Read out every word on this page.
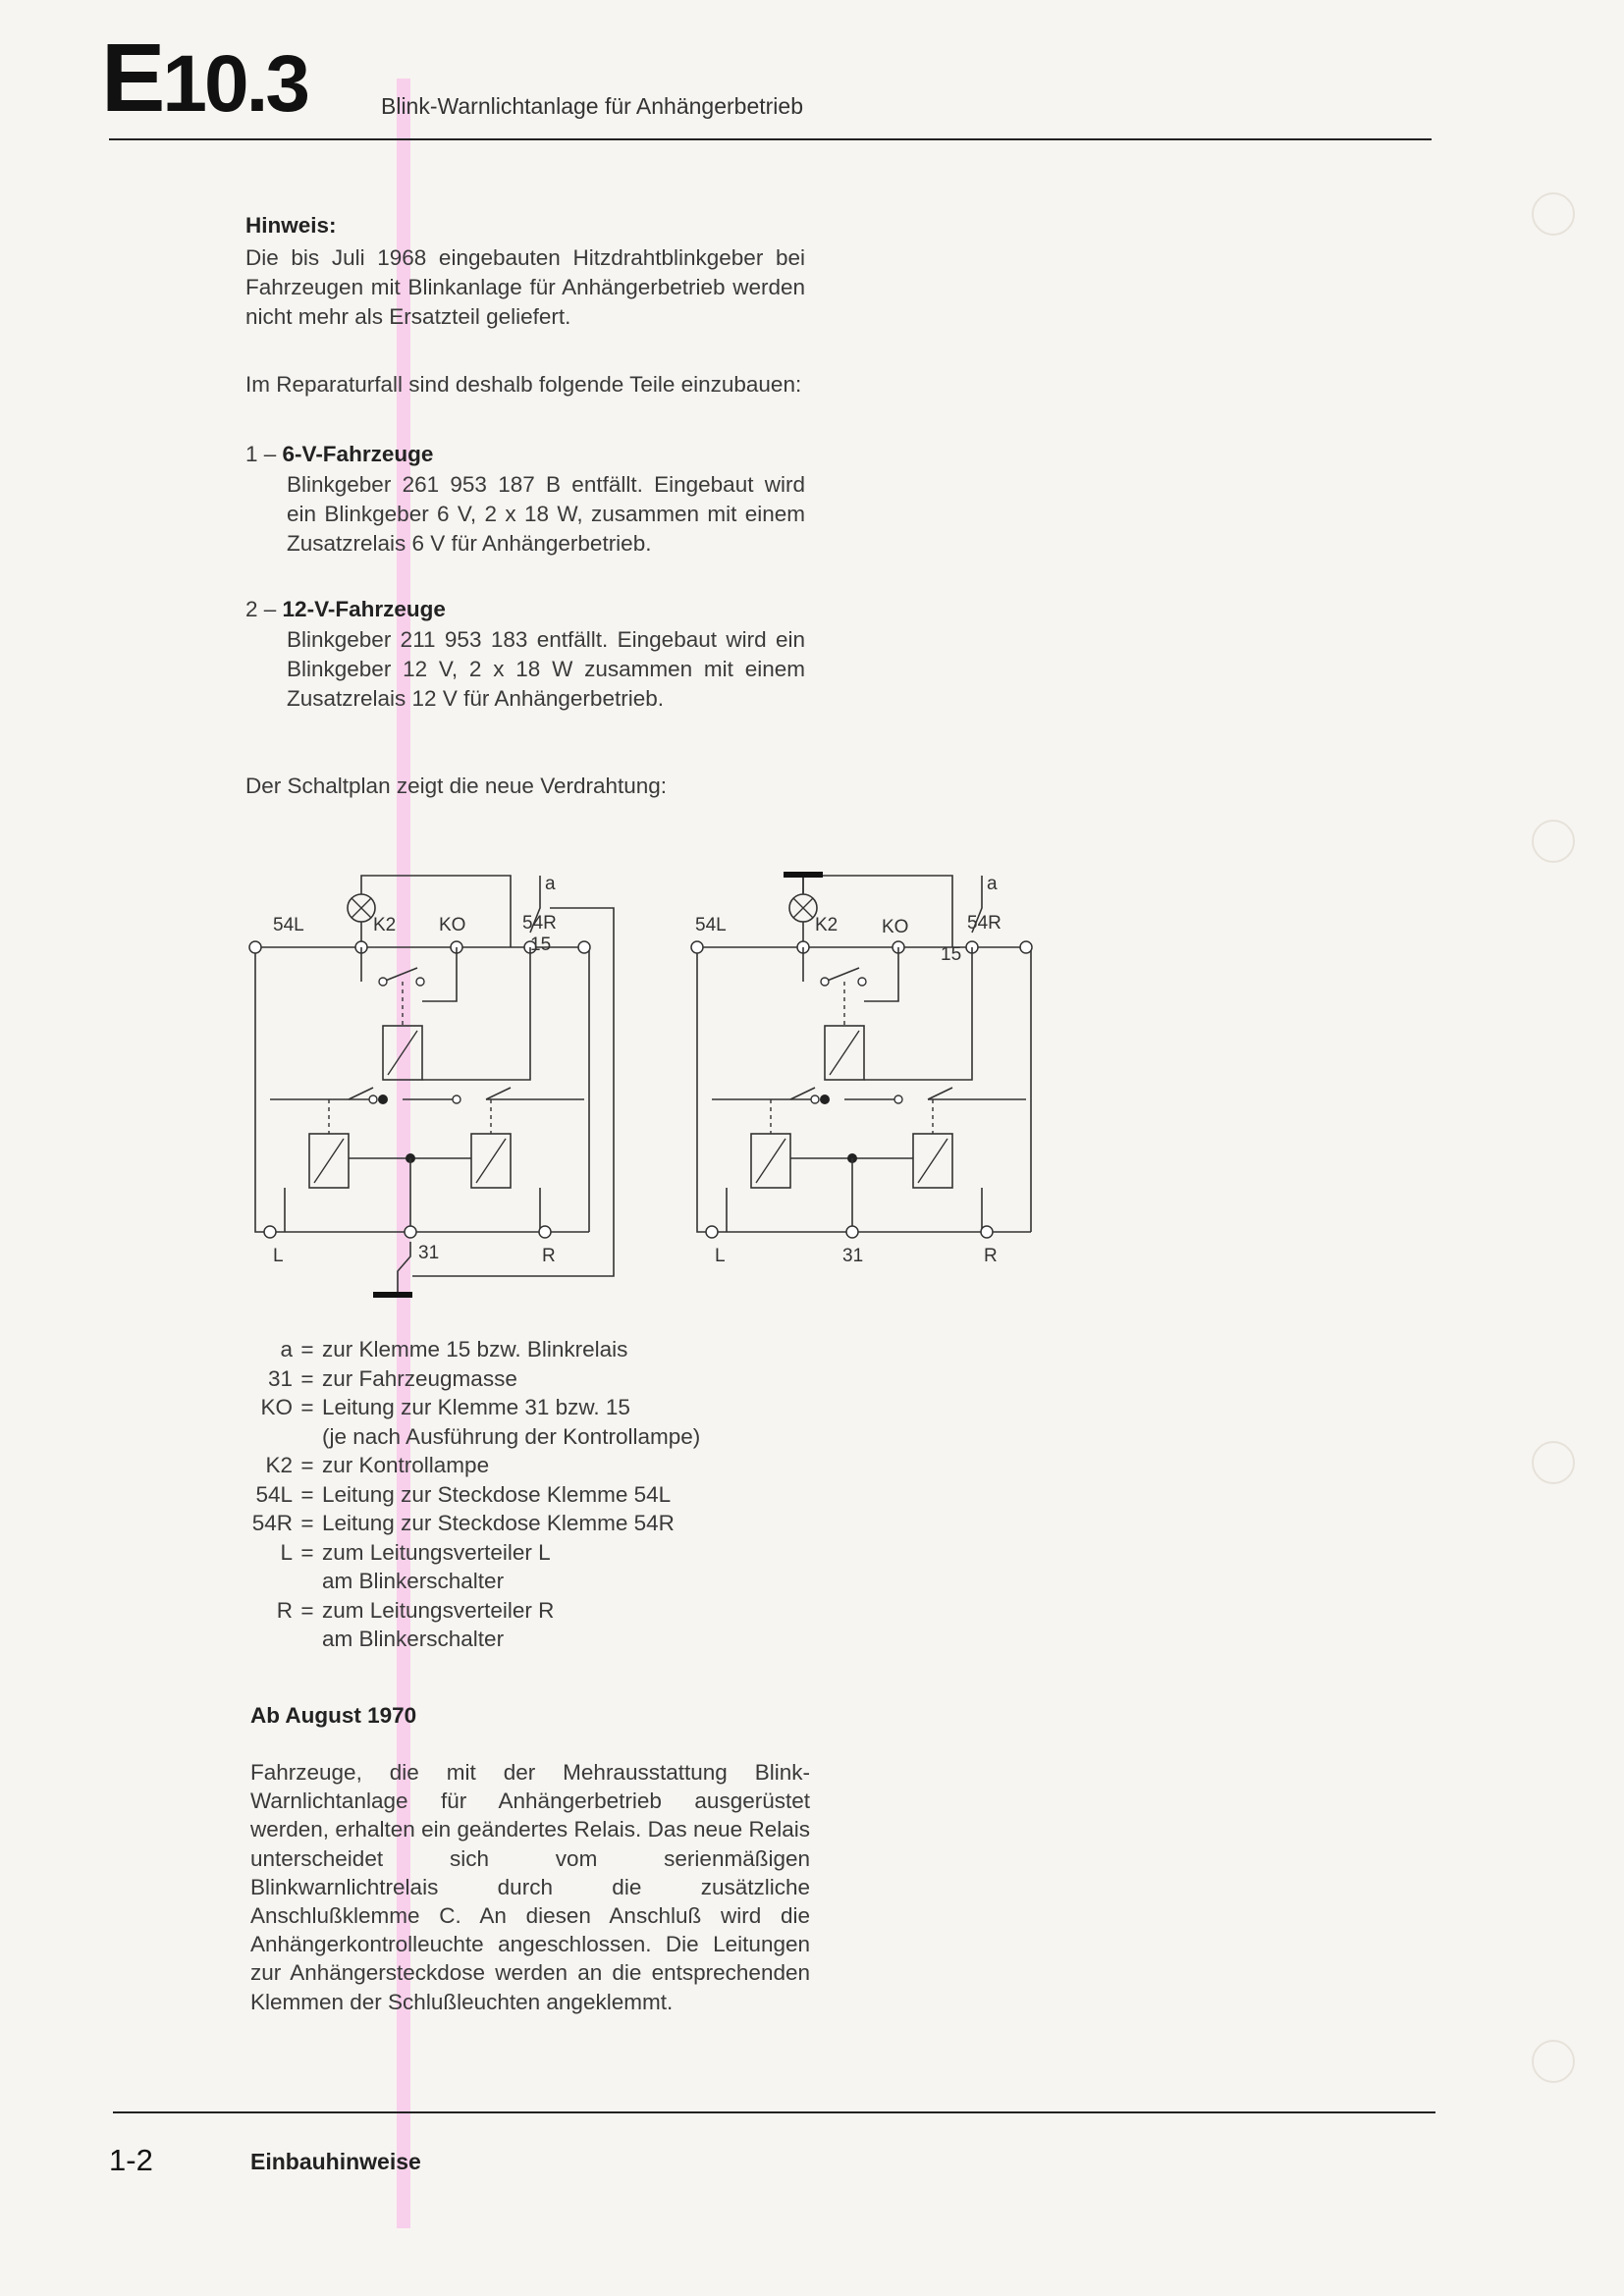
E10.3	Blink-Warnlichtanlage für Anhängerbetrieb
Hinweis:
Die bis Juli 1968 eingebauten Hitzdrahtblinkgeber bei Fahrzeugen mit Blinkanlage für Anhängerbetrieb werden nicht mehr als Ersatzteil geliefert.
Im Reparaturfall sind deshalb folgende Teile einzubauen:
1 – 6-V-Fahrzeuge
Blinkgeber 261 953 187 B entfällt. Eingebaut wird ein Blinkgeber 6 V, 2 x 18 W, zusammen mit einem Zusatzrelais 6 V für Anhängerbetrieb.
2 – 12-V-Fahrzeuge
Blinkgeber 211 953 183 entfällt. Eingebaut wird ein Blinkgeber 12 V, 2 x 18 W zusammen mit einem Zusatzrelais 12 V für Anhängerbetrieb.
Der Schaltplan zeigt die neue Verdrahtung:
54L	K2 KO	54R
15
a
L	31	R
54L	K2 KO	54R
15
a
L	31	R
a = zur Klemme 15 bzw. Blinkrelais
31 = zur Fahrzeugmasse
KO = Leitung zur Klemme 31 bzw. 15
(je nach Ausführung der Kontrollampe)
K2 = zur Kontrollampe
54L = Leitung zur Steckdose Klemme 54L
54R = Leitung zur Steckdose Klemme 54R
L = zum Leitungsverteiler L
am Blinkerschalter
R = zum Leitungsverteiler R
am Blinkerschalter
Ab August 1970
Fahrzeuge, die mit der Mehrausstattung Blink-Warnlichtanlage für Anhängerbetrieb ausgerüstet werden, erhalten ein geändertes Relais. Das neue Relais unterscheidet sich vom serienmäßigen Blinkwarnlichtrelais durch die zusätzliche Anschlußklemme C. An diesen Anschluß wird die Anhängerkontrolleuchte angeschlossen. Die Leitungen zur Anhängersteckdose werden an die entsprechenden Klemmen der Schlußleuchten angeklemmt.
1-2	Einbauhinweise
